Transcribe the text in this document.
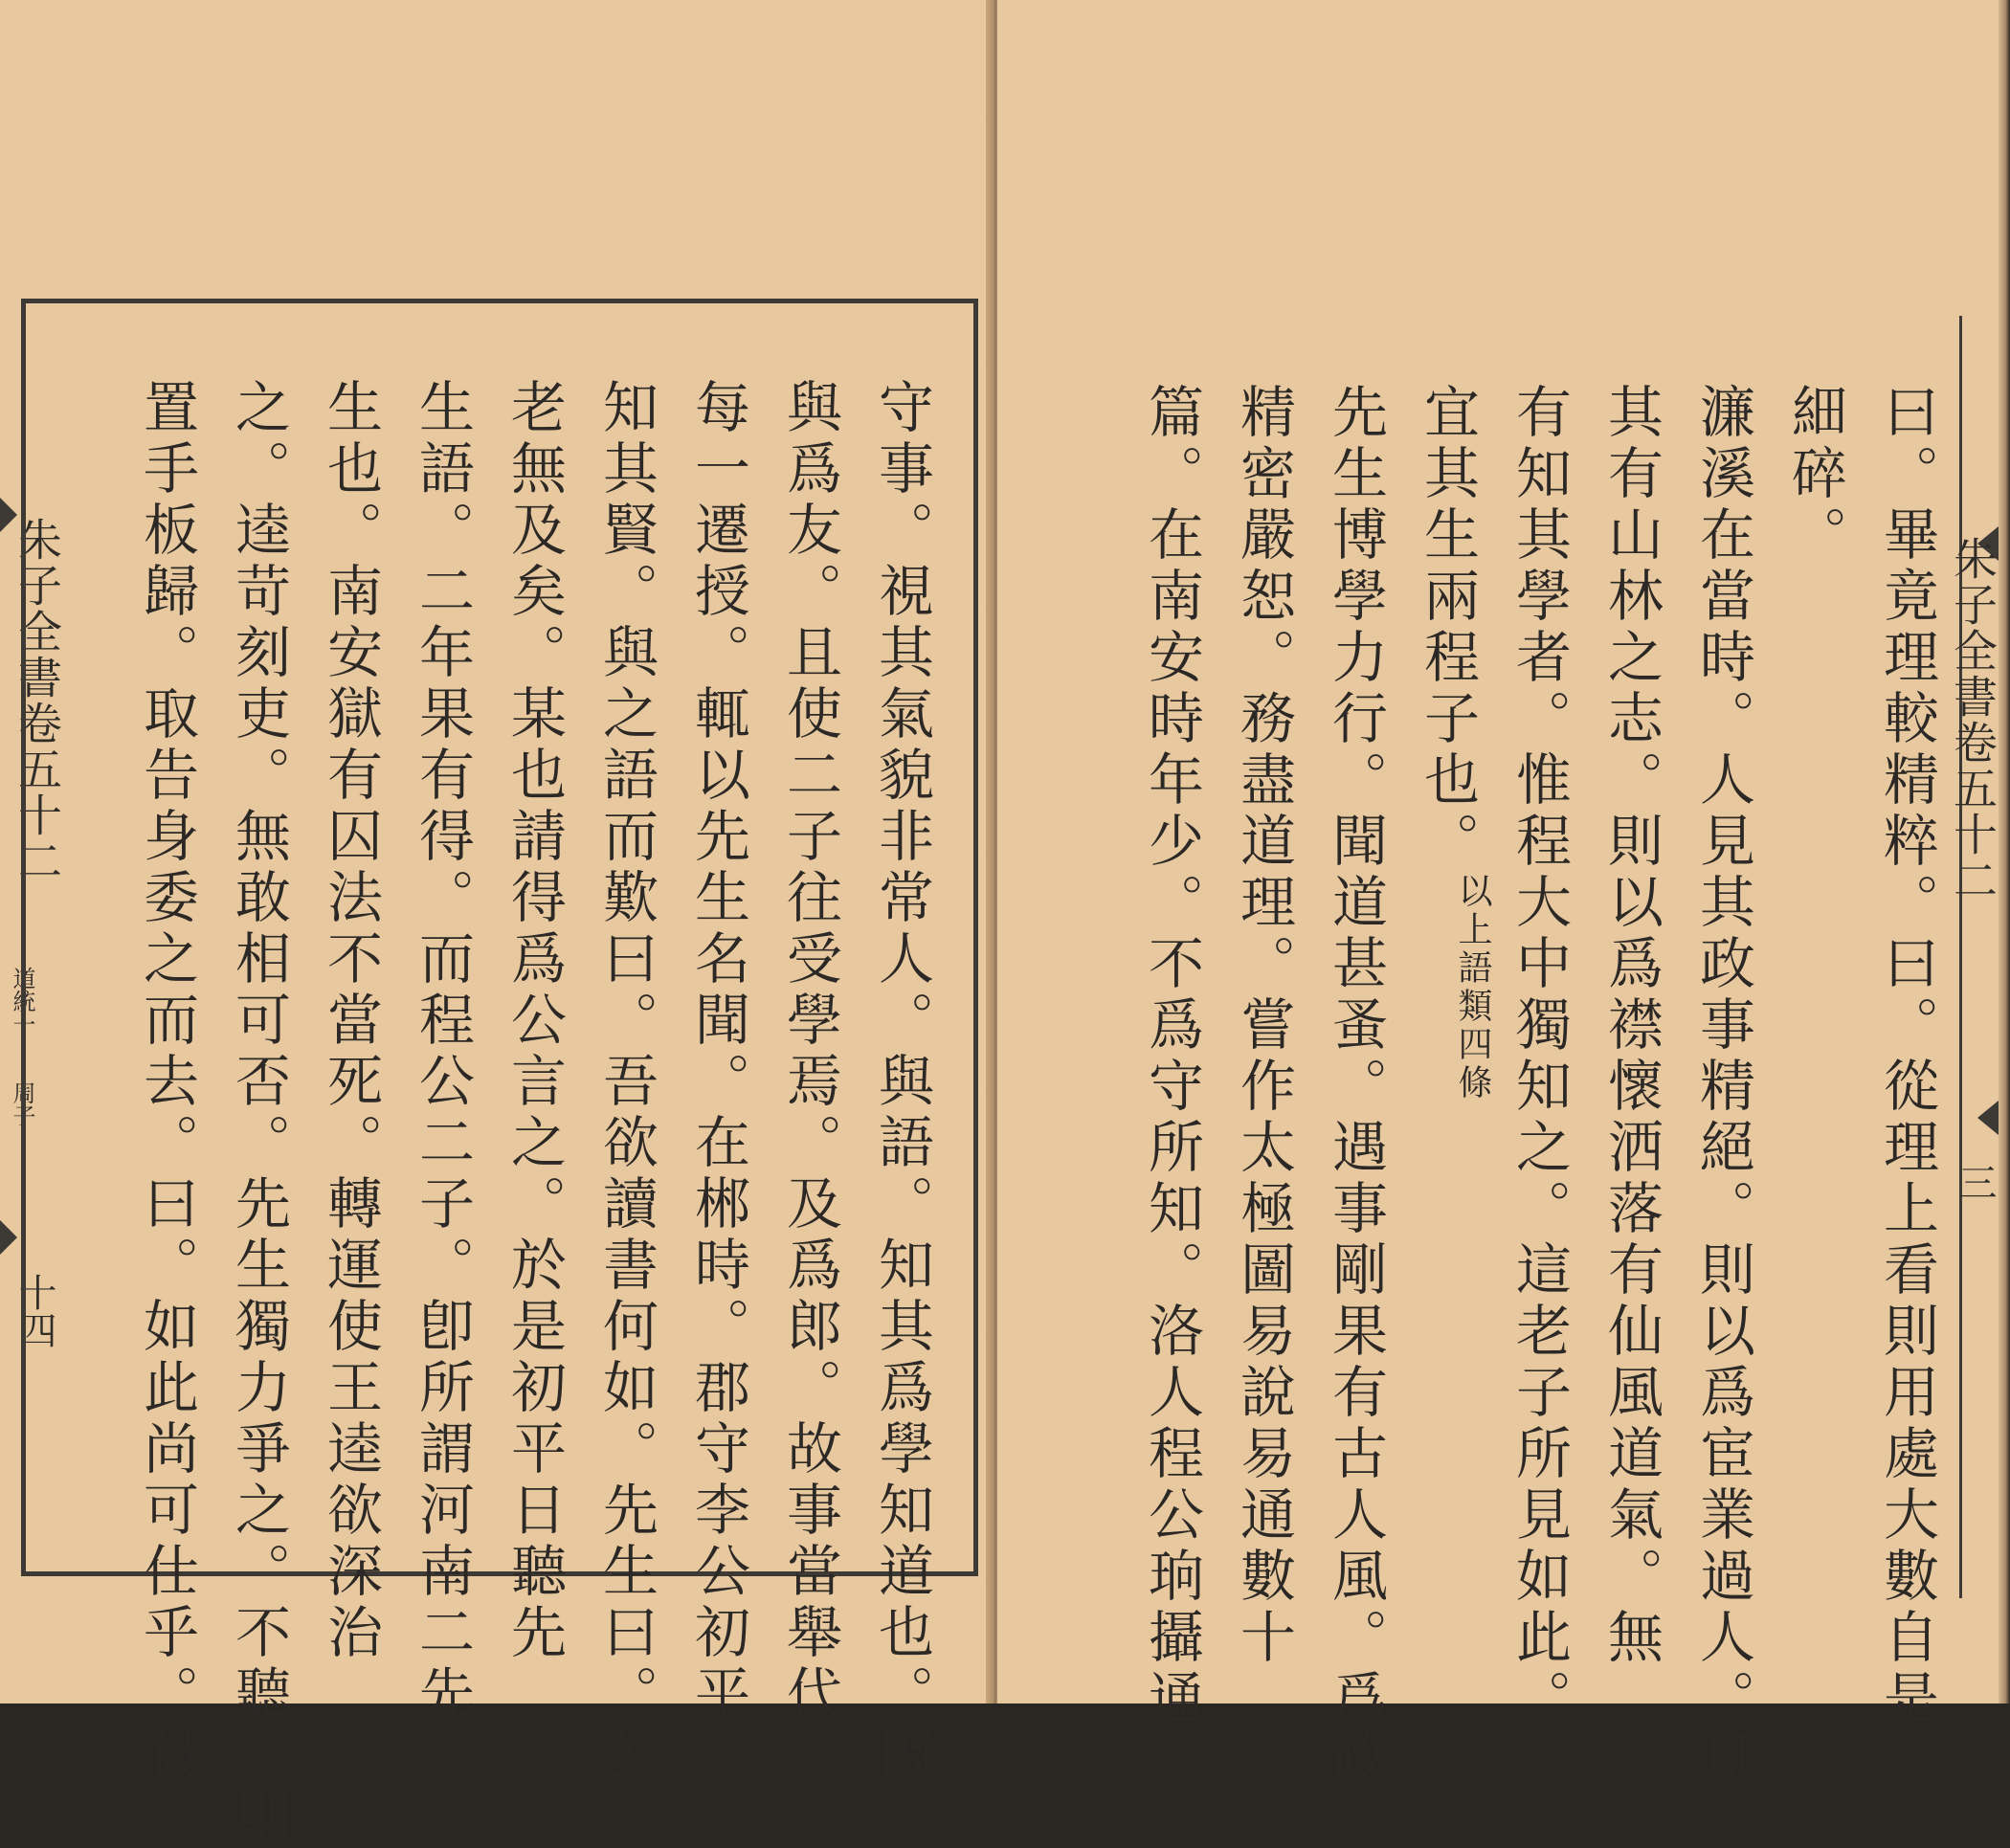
朱子全書卷五十二
道統一
周子
十四
朱子全書卷五十二
三
曰。畢竟理較精粹。曰。從理上看則用處大數自是
細碎。
濂溪在當時。人見其政事精絕。則以爲宦業過人。見
其有山林之志。則以爲襟懷洒落有仙風道氣。無
有知其學者。惟程大中獨知之。這老子所見如此。
宜其生兩程子也。以上語類四條
先生博學力行。聞道甚蚤。遇事剛果有古人風。爲政
精密嚴恕。務盡道理。嘗作太極圖易說易通數十
篇。在南安時年少。不爲守所知。洛人程公珦攝通
守事。視其氣貌非常人。與語。知其爲學知道也。因
與爲友。且使二子往受學焉。及爲郎。故事當舉代。
每一遷授。輒以先生名聞。在郴時。郡守李公初平
知其賢。與之語而歎曰。吾欲讀書何如。先生曰。公
老無及矣。某也請得爲公言之。於是初平日聽先
生語。二年果有得。而程公二子。卽所謂河南二先
生也。南安獄有囚法不當死。轉運使王逵欲深治
之。逵苛刻吏。無敢相可否。先生獨力爭之。不聽。則
置手板歸。取告身委之而去。曰。如此尚可仕乎。殺
